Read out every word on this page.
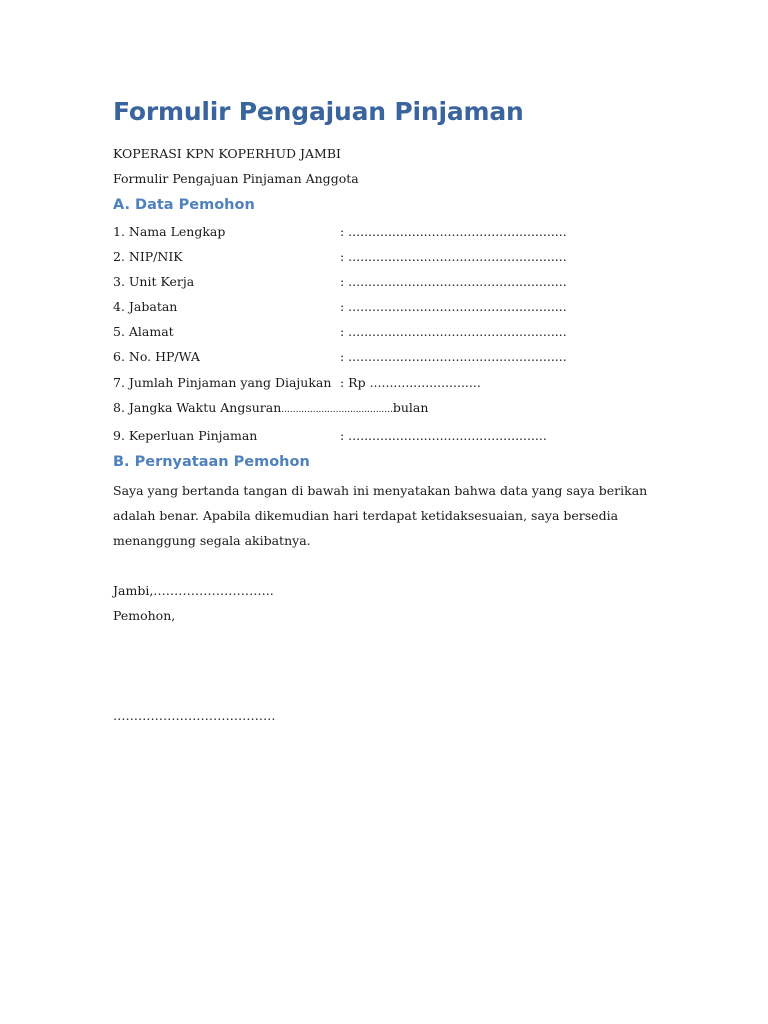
Formulir Pengajuan Pinjaman

KOPERASI KPN KOPERHUD JAMBI

Formulir Pengajuan Pinjaman Anggota

A. Data Pemohon
1. Nama Lengkap	: .......................................................
2. NIP/NIK	: .......................................................
3. Unit Kerja	: .......................................................
4. Jabatan	: .......................................................
5. Alamat	: .......................................................
6. No. HP/WA	: .......................................................
7. Jumlah Pinjaman yang Diajukan : Rp ............................
8. Jangka Waktu Angsuran.......................................bulan
9. Keperluan Pinjaman	: ..................................................
B. Pernyataan Pemohon

Saya yang bertanda tangan di bawah ini menyatakan bahwa data yang saya berikan adalah benar. Apabila dikemudian hari terdapat ketidaksesuaian, saya bersedia menanggung segala akibatnya.

Jambi,………………………..

Pemohon,

…………………………………
